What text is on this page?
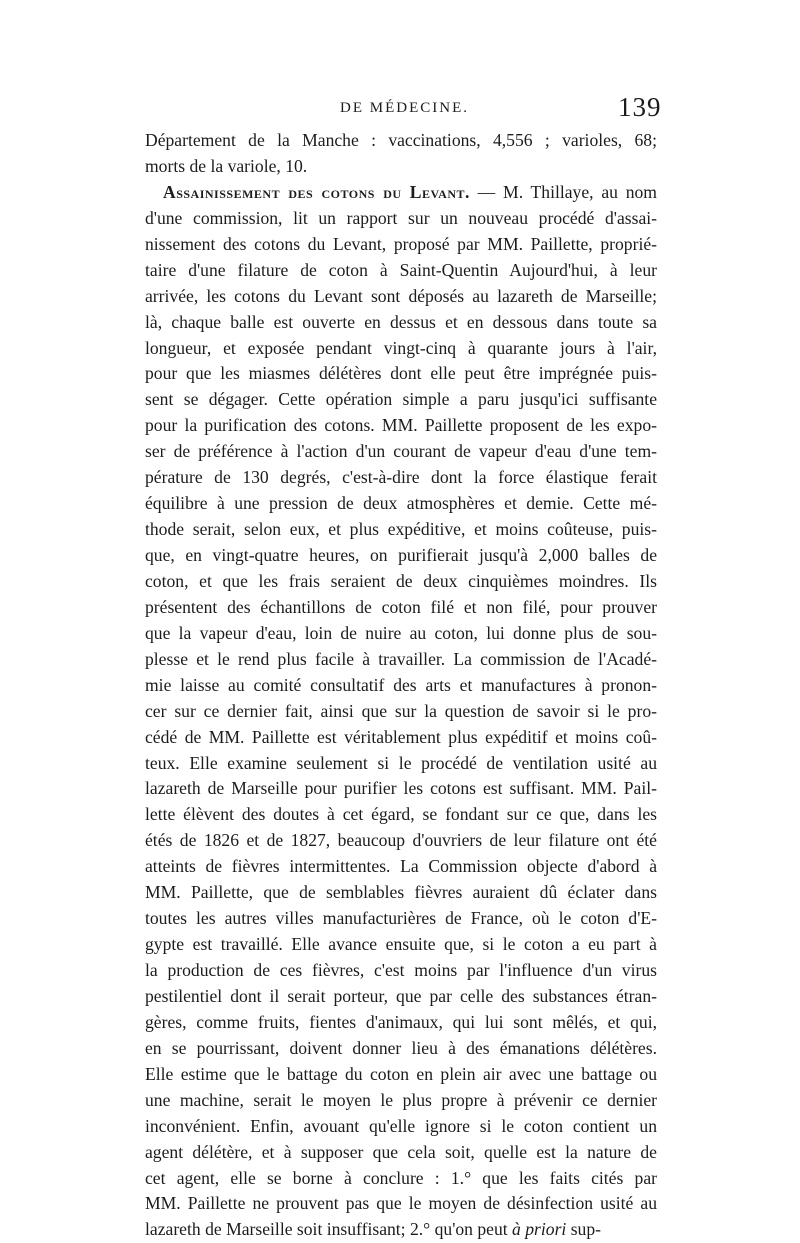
DE MÉDECINE.	139
Département de la Manche : vaccinations, 4,556 ; varioles, 68;
morts de la variole, 10.
Assainissement des cotons du Levant. — M. Thillaye, au nom
d'une commission, lit un rapport sur un nouveau procédé d'assai-
nissement des cotons du Levant, proposé par MM. Paillette, proprié-
taire d'une filature de coton à Saint-Quentin Aujourd'hui, à leur
arrivée, les cotons du Levant sont déposés au lazareth de Marseille;
là, chaque balle est ouverte en dessus et en dessous dans toute sa
longueur, et exposée pendant vingt-cinq à quarante jours à l'air,
pour que les miasmes délétères dont elle peut être imprégnée puis-
sent se dégager. Cette opération simple a paru jusqu'ici suffisante
pour la purification des cotons. MM. Paillette proposent de les expo-
ser de préférence à l'action d'un courant de vapeur d'eau d'une tem-
pérature de 130 degrés, c'est-à-dire dont la force élastique ferait
équilibre à une pression de deux atmosphères et demie. Cette mé-
thode serait, selon eux, et plus expéditive, et moins coûteuse, puis-
que, en vingt-quatre heures, on purifierait jusqu'à 2,000 balles de
coton, et que les frais seraient de deux cinquièmes moindres. Ils
présentent des échantillons de coton filé et non filé, pour prouver
que la vapeur d'eau, loin de nuire au coton, lui donne plus de sou-
plesse et le rend plus facile à travailler. La commission de l'Acadé-
mie laisse au comité consultatif des arts et manufactures à pronon-
cer sur ce dernier fait, ainsi que sur la question de savoir si le pro-
cédé de MM. Paillette est véritablement plus expéditif et moins coû-
teux. Elle examine seulement si le procédé de ventilation usité au
lazareth de Marseille pour purifier les cotons est suffisant. MM. Pail-
lette élèvent des doutes à cet égard, se fondant sur ce que, dans les
étés de 1826 et de 1827, beaucoup d'ouvriers de leur filature ont été
atteints de fièvres intermittentes. La Commission objecte d'abord à
MM. Paillette, que de semblables fièvres auraient dû éclater dans
toutes les autres villes manufacturières de France, où le coton d'E-
gypte est travaillé. Elle avance ensuite que, si le coton a eu part à
la production de ces fièvres, c'est moins par l'influence d'un virus
pestilentiel dont il serait porteur, que par celle des substances étran-
gères, comme fruits, fientes d'animaux, qui lui sont mêlés, et qui,
en se pourrissant, doivent donner lieu à des émanations délétères.
Elle estime que le battage du coton en plein air avec une battage ou
une machine, serait le moyen le plus propre à prévenir ce dernier
inconvénient. Enfin, avouant qu'elle ignore si le coton contient un
agent délétère, et à supposer que cela soit, quelle est la nature de
cet agent, elle se borne à conclure : 1.° que les faits cités par
MM. Paillette ne prouvent pas que le moyen de désinfection usité au
lazareth de Marseille soit insuffisant; 2.° qu'on peut à priori sup-
